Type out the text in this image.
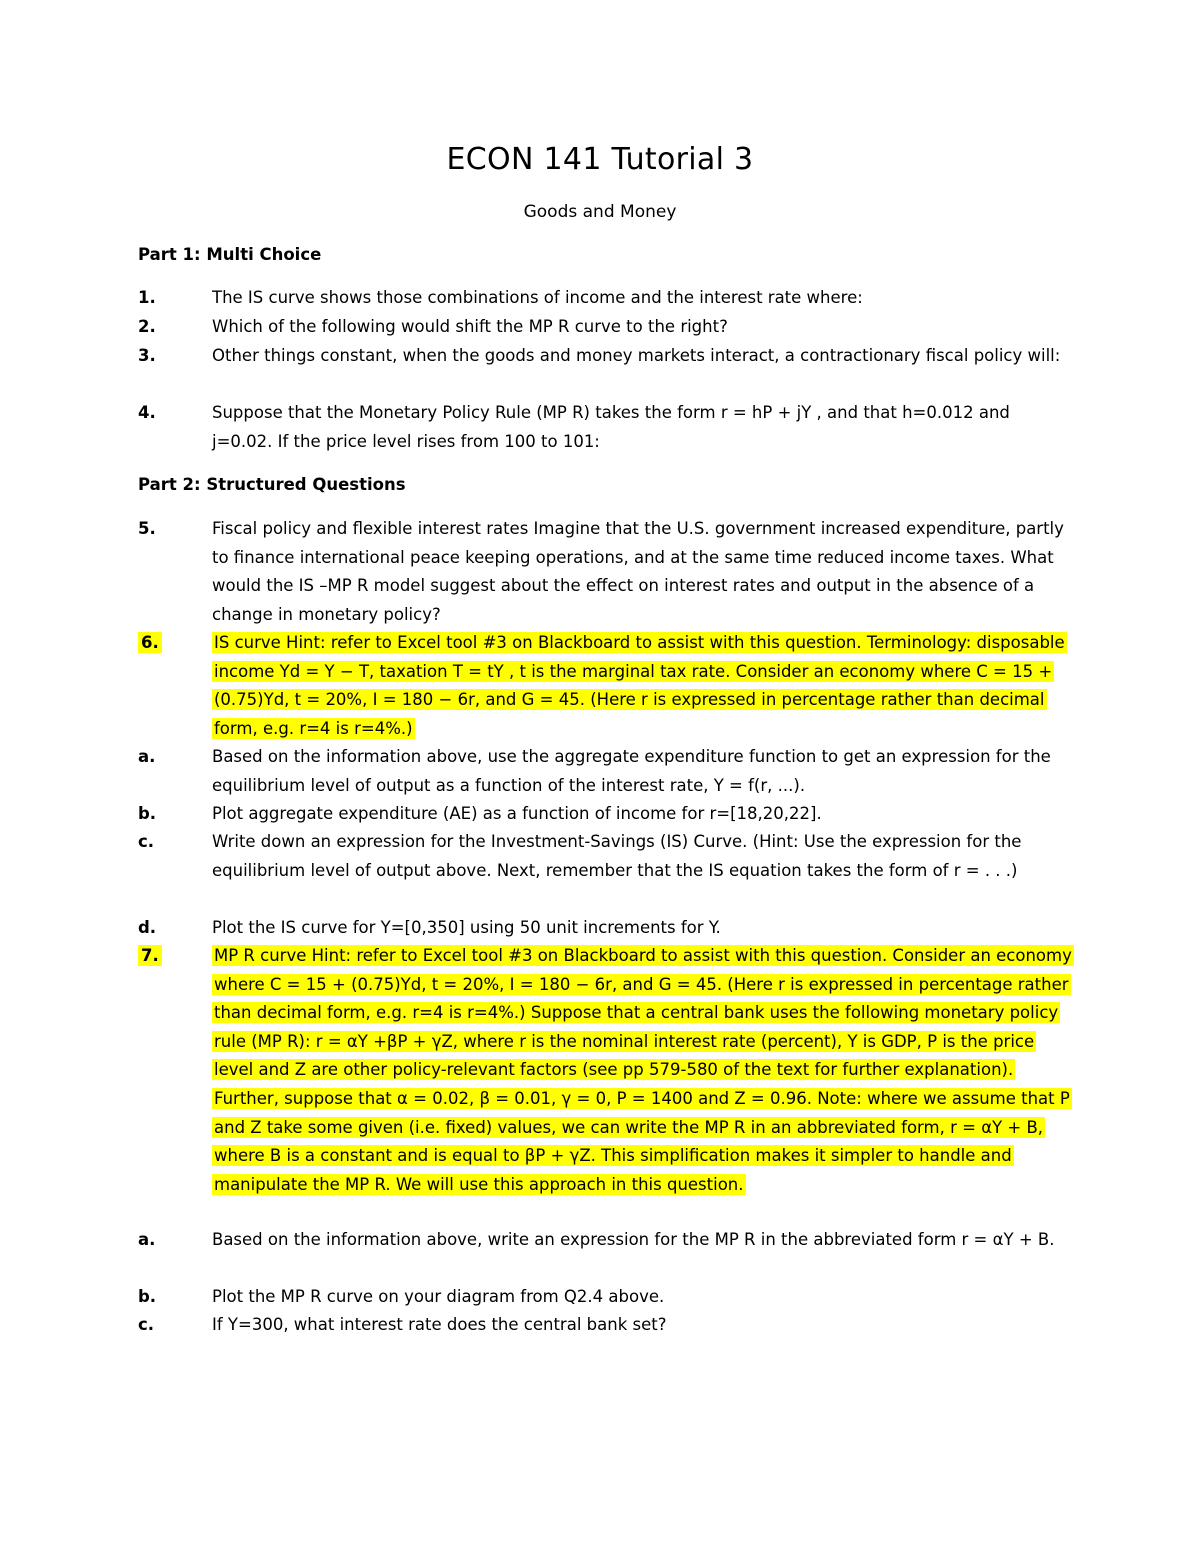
ECON 141 Tutorial 3
Goods and Money
Part 1: Multi Choice
1.	The IS curve shows those combinations of income and the interest rate where:
2.	Which of the following would shift the MP R curve to the right?
3.	Other things constant, when the goods and money markets interact, a contractionary fiscal policy will:
4.	Suppose that the Monetary Policy Rule (MP R) takes the form r = hP + jY , and that h=0.012 and j=0.02. If the price level rises from 100 to 101:
Part 2: Structured Questions
5.	Fiscal policy and flexible interest rates Imagine that the U.S. government increased expenditure, partly to finance international peace keeping operations, and at the same time reduced income taxes. What would the IS –MP R model suggest about the effect on interest rates and output in the absence of a change in monetary policy?
6.	IS curve Hint: refer to Excel tool #3 on Blackboard to assist with this question. Terminology: disposable income Yd = Y − T, taxation T = tY , t is the marginal tax rate. Consider an economy where C = 15 + (0.75)Yd, t = 20%, I = 180 − 6r, and G = 45. (Here r is expressed in percentage rather than decimal form, e.g. r=4 is r=4%.)
a.	Based on the information above, use the aggregate expenditure function to get an expression for the equilibrium level of output as a function of the interest rate, Y = f(r, ...).
b.	Plot aggregate expenditure (AE) as a function of income for r=[18,20,22].
c.	Write down an expression for the Investment-Savings (IS) Curve. (Hint: Use the expression for the equilibrium level of output above. Next, remember that the IS equation takes the form of r = . . .)
d.	Plot the IS curve for Y=[0,350] using 50 unit increments for Y.
7.	MP R curve Hint: refer to Excel tool #3 on Blackboard to assist with this question. Consider an economy where C = 15 + (0.75)Yd, t = 20%, I = 180 − 6r, and G = 45. (Here r is expressed in percentage rather than decimal form, e.g. r=4 is r=4%.) Suppose that a central bank uses the following monetary policy rule (MP R): r = αY +βP + γZ, where r is the nominal interest rate (percent), Y is GDP, P is the price level and Z are other policy-relevant factors (see pp 579-580 of the text for further explanation). Further, suppose that α = 0.02, β = 0.01, γ = 0, P = 1400 and Z = 0.96. Note: where we assume that P and Z take some given (i.e. fixed) values, we can write the MP R in an abbreviated form, r = αY + B, where B is a constant and is equal to βP + γZ. This simplification makes it simpler to handle and manipulate the MP R. We will use this approach in this question.
a.	Based on the information above, write an expression for the MP R in the abbreviated form r = αY + B.
b.	Plot the MP R curve on your diagram from Q2.4 above.
c.	If Y=300, what interest rate does the central bank set?
